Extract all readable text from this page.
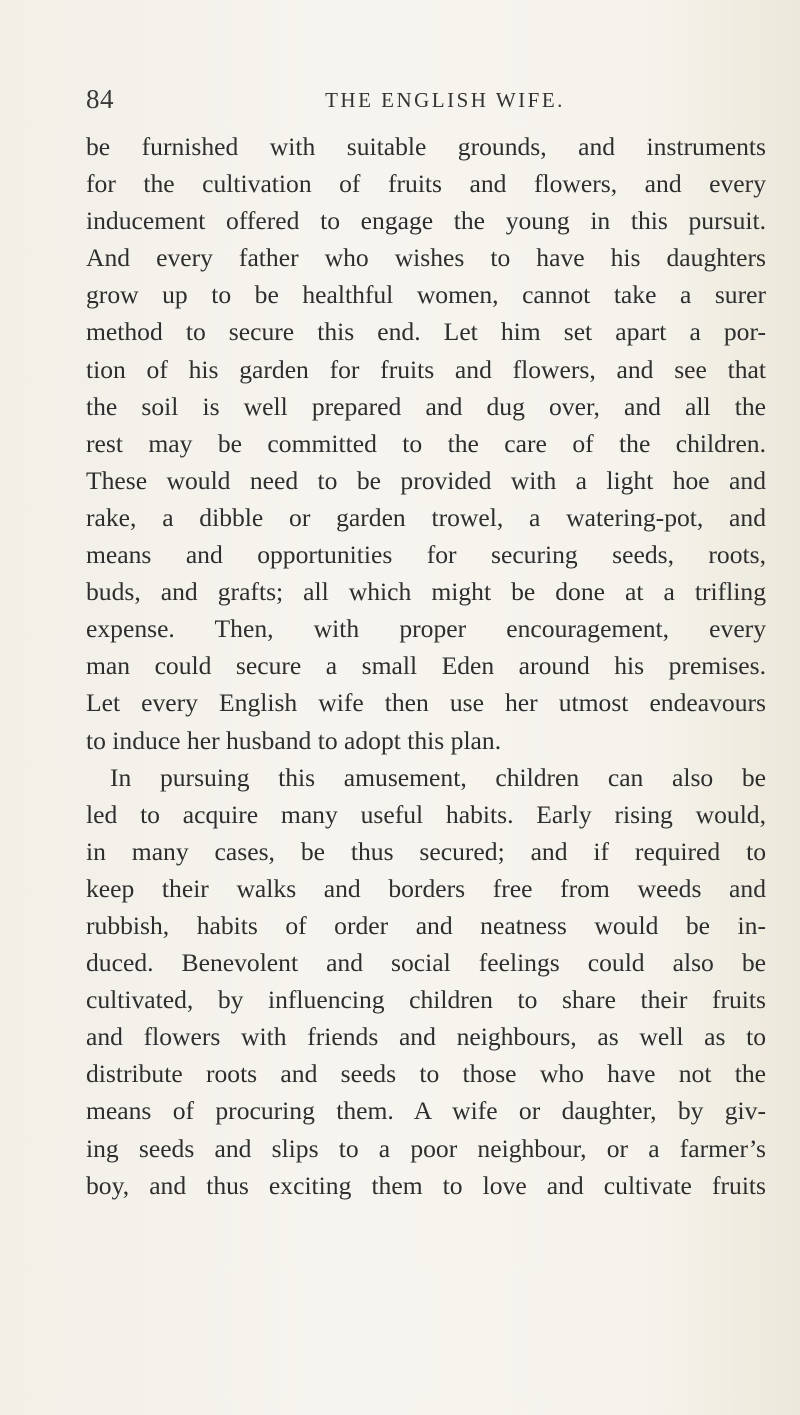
84	THE ENGLISH WIFE.
be furnished with suitable grounds, and instruments
for the cultivation of fruits and flowers, and every
inducement offered to engage the young in this pursuit.
And every father who wishes to have his daughters
grow up to be healthful women, cannot take a surer
method to secure this end. Let him set apart a por-
tion of his garden for fruits and flowers, and see that
the soil is well prepared and dug over, and all the
rest may be committed to the care of the children.
These would need to be provided with a light hoe and
rake, a dibble or garden trowel, a watering-pot, and
means and opportunities for securing seeds, roots,
buds, and grafts; all which might be done at a trifling
expense. Then, with proper encouragement, every
man could secure a small Eden around his premises.
Let every English wife then use her utmost endeavours
to induce her husband to adopt this plan.
In pursuing this amusement, children can also be
led to acquire many useful habits. Early rising would,
in many cases, be thus secured; and if required to
keep their walks and borders free from weeds and
rubbish, habits of order and neatness would be in-
duced. Benevolent and social feelings could also be
cultivated, by influencing children to share their fruits
and flowers with friends and neighbours, as well as to
distribute roots and seeds to those who have not the
means of procuring them. A wife or daughter, by giv-
ing seeds and slips to a poor neighbour, or a farmer’s
boy, and thus exciting them to love and cultivate fruits
